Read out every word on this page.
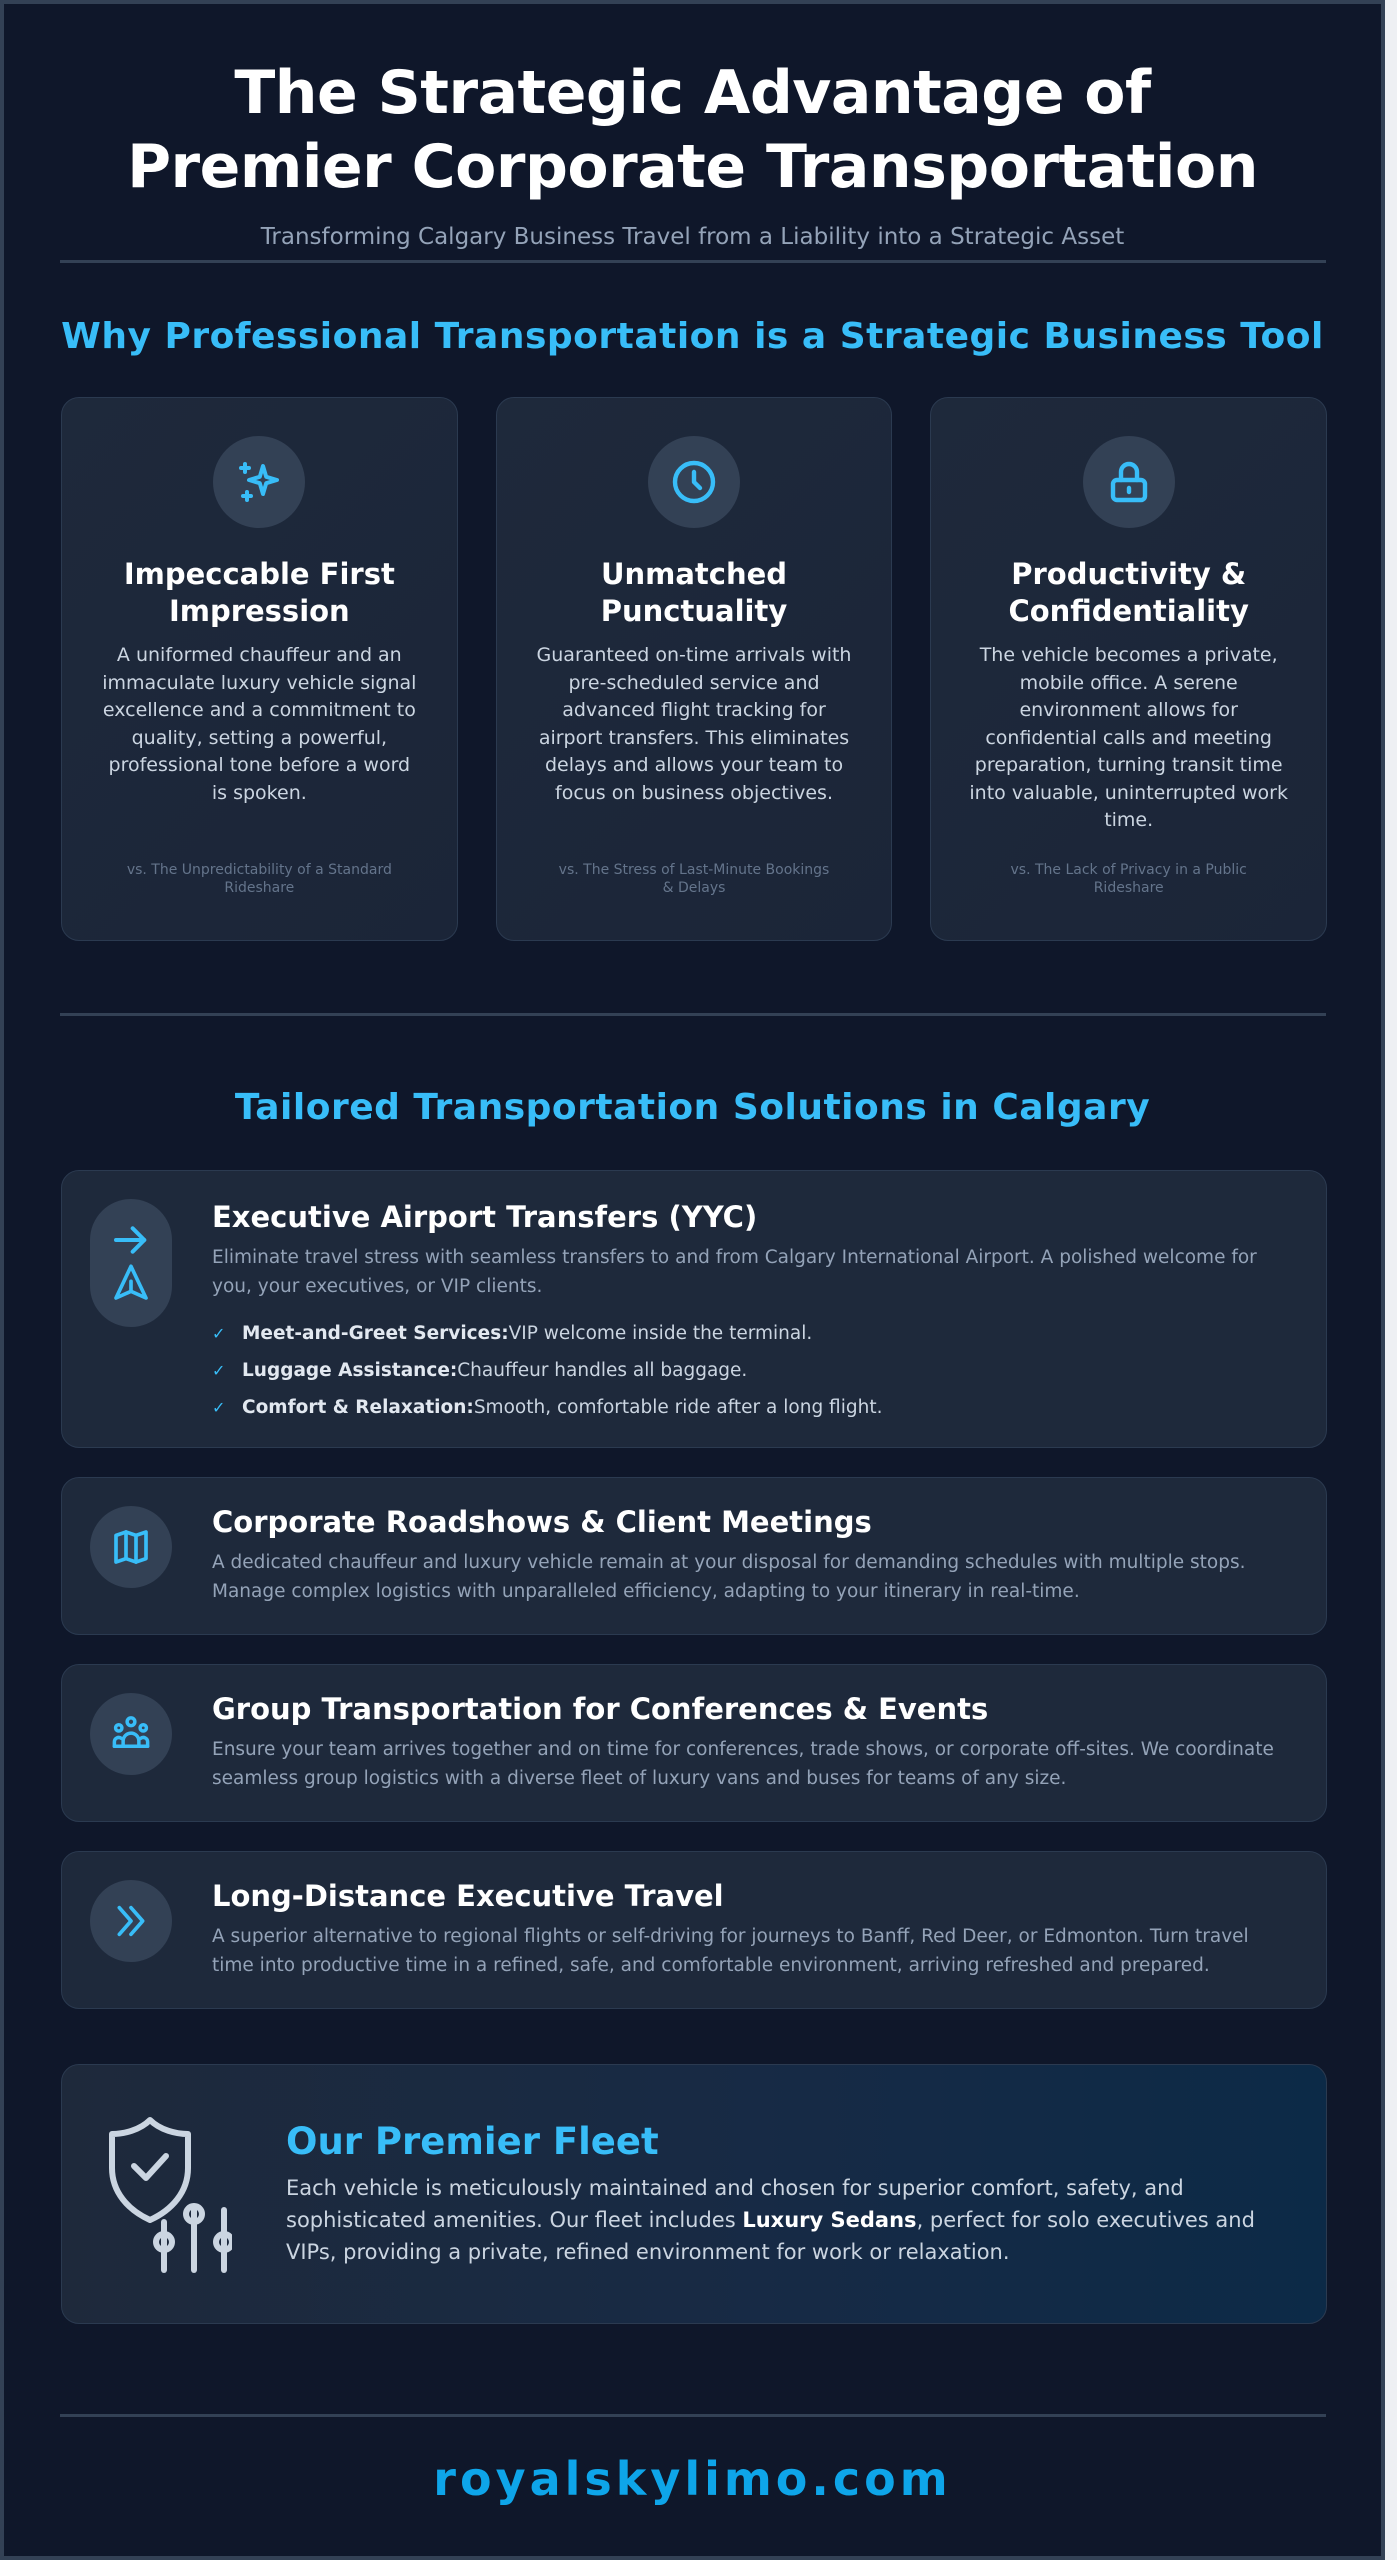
The Strategic Advantage of Premier Corporate Transportation
Transforming Calgary Business Travel from a Liability into a Strategic Asset
Why Professional Transportation is a Strategic Business Tool
Impeccable First Impression
A uniformed chauffeur and an immaculate luxury vehicle signal excellence and a commitment to quality, setting a powerful, professional tone before a word is spoken.
vs. The Unpredictability of a Standard Rideshare
Unmatched Punctuality
Guaranteed on-time arrivals with pre-scheduled service and advanced flight tracking for airport transfers. This eliminates delays and allows your team to focus on business objectives.
vs. The Stress of Last-Minute Bookings & Delays
Productivity & Confidentiality
The vehicle becomes a private, mobile office. A serene environment allows for confidential calls and meeting preparation, turning transit time into valuable, uninterrupted work time.
vs. The Lack of Privacy in a Public Rideshare
Tailored Transportation Solutions in Calgary
Executive Airport Transfers (YYC)
Eliminate travel stress with seamless transfers to and from Calgary International Airport. A polished welcome for you, your executives, or VIP clients.
✓ Meet-and-Greet Services:VIP welcome inside the terminal.
✓ Luggage Assistance:Chauffeur handles all baggage.
✓ Comfort & Relaxation:Smooth, comfortable ride after a long flight.
Corporate Roadshows & Client Meetings
A dedicated chauffeur and luxury vehicle remain at your disposal for demanding schedules with multiple stops. Manage complex logistics with unparalleled efficiency, adapting to your itinerary in real-time.
Group Transportation for Conferences & Events
Ensure your team arrives together and on time for conferences, trade shows, or corporate off-sites. We coordinate seamless group logistics with a diverse fleet of luxury vans and buses for teams of any size.
Long-Distance Executive Travel
A superior alternative to regional flights or self-driving for journeys to Banff, Red Deer, or Edmonton. Turn travel time into productive time in a refined, safe, and comfortable environment, arriving refreshed and prepared.
Our Premier Fleet
Each vehicle is meticulously maintained and chosen for superior comfort, safety, and sophisticated amenities. Our fleet includes Luxury Sedans, perfect for solo executives and VIPs, providing a private, refined environment for work or relaxation.
royalskylimo.com
